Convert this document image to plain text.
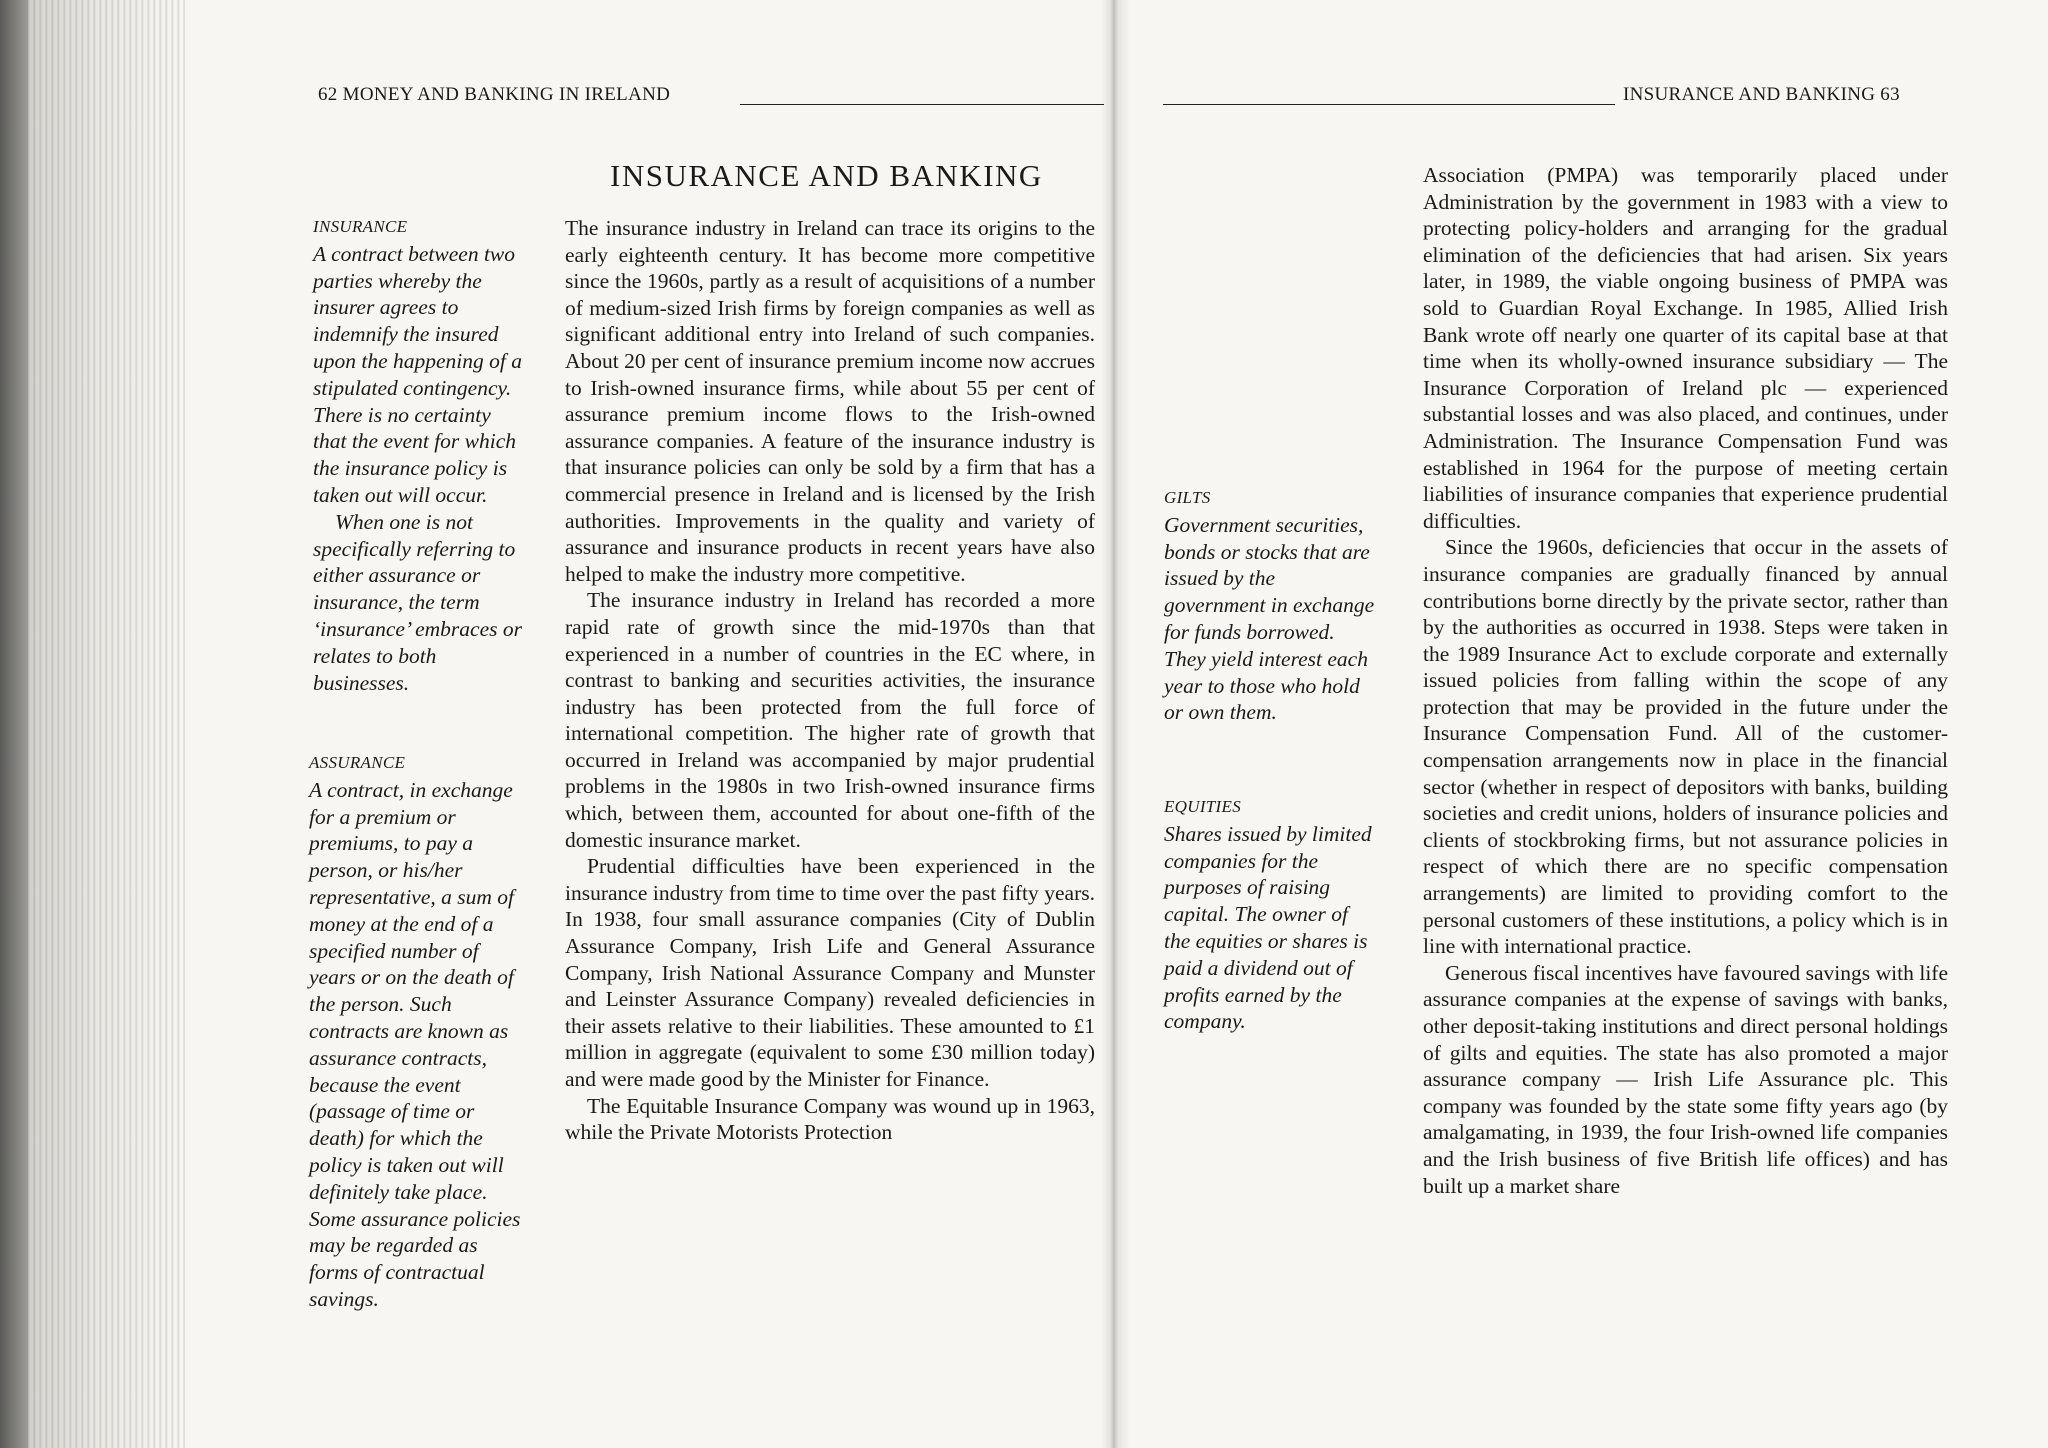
62 MONEY AND BANKING IN IRELAND
INSURANCE AND BANKING
INSURANCE
A contract between two
parties whereby the
insurer agrees to
indemnify the insured
upon the happening of a
stipulated contingency.
There is no certainty
that the event for which
the insurance policy is
taken out will occur.
When one is not
specifically referring to
either assurance or
insurance, the term
‘insurance’ embraces or
relates to both
businesses.
ASSURANCE
A contract, in exchange
for a premium or
premiums, to pay a
person, or his/her
representative, a sum of
money at the end of a
specified number of
years or on the death of
the person. Such
contracts are known as
assurance contracts,
because the event
(passage of time or
death) for which the
policy is taken out will
definitely take place.
Some assurance policies
may be regarded as
forms of contractual
savings.

The insurance industry in Ireland can trace its origins to the early eighteenth century. It has become more competitive since the 1960s, partly as a result of acquisitions of a number of medium-sized Irish firms by foreign companies as well as significant additional entry into Ireland of such companies. About 20 per cent of insurance premium income now accrues to Irish-owned insurance firms, while about 55 per cent of assurance premium income flows to the Irish-owned assurance companies. A feature of the insurance industry is that insurance policies can only be sold by a firm that has a commercial presence in Ireland and is licensed by the Irish authorities. Improvements in the quality and variety of assurance and insurance products in recent years have also helped to make the industry more competitive.

The insurance industry in Ireland has recorded a more rapid rate of growth since the mid-1970s than that experienced in a number of countries in the EC where, in contrast to banking and securities activities, the insurance industry has been protected from the full force of international competition. The higher rate of growth that occurred in Ireland was accompanied by major prudential problems in the 1980s in two Irish-owned insurance firms which, between them, accounted for about one-fifth of the domestic insurance market.

Prudential difficulties have been experienced in the insurance industry from time to time over the past fifty years. In 1938, four small assurance companies (City of Dublin Assurance Company, Irish Life and General Assurance Company, Irish National Assurance Company and Munster and Leinster Assurance Company) revealed deficiencies in their assets relative to their liabilities. These amounted to £1 million in aggregate (equivalent to some £30 million today) and were made good by the Minister for Finance.

The Equitable Insurance Company was wound up in 1963, while the Private Motorists Protection

INSURANCE AND BANKING 63
GILTS
Government securities,
bonds or stocks that are
issued by the
government in exchange
for funds borrowed.
They yield interest each
year to those who hold
or own them.
EQUITIES
Shares issued by limited
companies for the
purposes of raising
capital. The owner of
the equities or shares is
paid a dividend out of
profits earned by the
company.

Association (PMPA) was temporarily placed under Administration by the government in 1983 with a view to protecting policy-holders and arranging for the gradual elimination of the deficiencies that had arisen. Six years later, in 1989, the viable ongoing business of PMPA was sold to Guardian Royal Exchange. In 1985, Allied Irish Bank wrote off nearly one quarter of its capital base at that time when its wholly-owned insurance subsidiary — The Insurance Corporation of Ireland plc — experienced substantial losses and was also placed, and continues, under Administration. The Insurance Compensation Fund was established in 1964 for the purpose of meeting certain liabilities of insurance companies that experience prudential difficulties.

Since the 1960s, deficiencies that occur in the assets of insurance companies are gradually financed by annual contributions borne directly by the private sector, rather than by the authorities as occurred in 1938. Steps were taken in the 1989 Insurance Act to exclude corporate and externally issued policies from falling within the scope of any protection that may be provided in the future under the Insurance Compensation Fund. All of the customer-compensation arrangements now in place in the financial sector (whether in respect of depositors with banks, building societies and credit unions, holders of insurance policies and clients of stockbroking firms, but not assurance policies in respect of which there are no specific compensation arrangements) are limited to providing comfort to the personal customers of these institutions, a policy which is in line with international practice.

Generous fiscal incentives have favoured savings with life assurance companies at the expense of savings with banks, other deposit-taking institutions and direct personal holdings of gilts and equities. The state has also promoted a major assurance company — Irish Life Assurance plc. This company was founded by the state some fifty years ago (by amalgamating, in 1939, the four Irish-owned life companies and the Irish business of five British life offices) and has built up a market share
